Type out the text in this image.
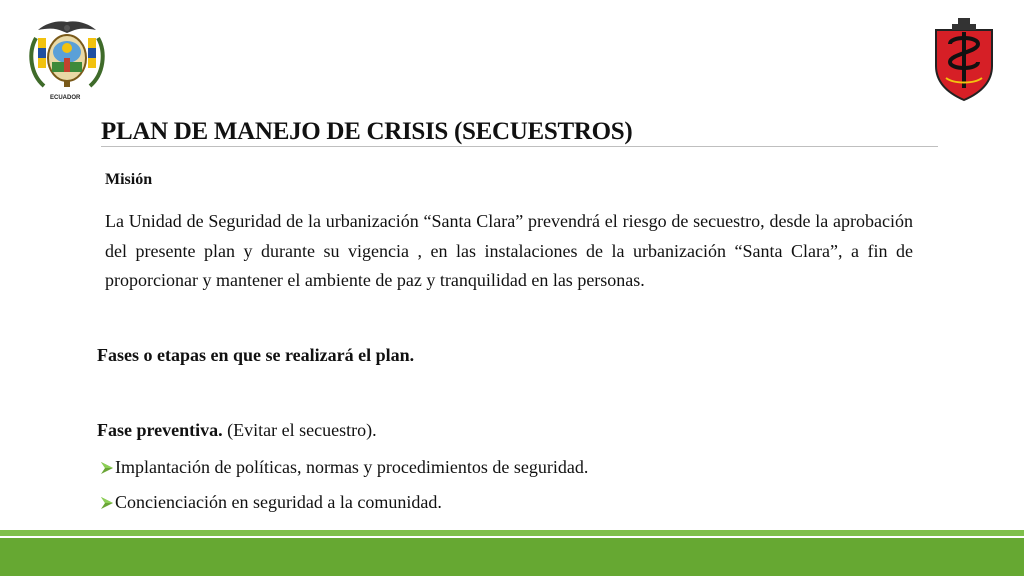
ECUADOR
PLAN DE MANEJO DE CRISIS (SECUESTROS)
Misión
La Unidad de Seguridad de la urbanización “Santa Clara” prevendrá el riesgo de secuestro, desde la aprobación del presente plan y durante su vigencia , en las instalaciones de la urbanización “Santa Clara”, a fin de proporcionar y mantener el ambiente de paz y tranquilidad en las personas.
Fases o etapas en que se realizará el plan.
Fase preventiva. (Evitar el secuestro).
Implantación de políticas, normas y procedimientos de seguridad.
Concienciación en seguridad a la comunidad.
